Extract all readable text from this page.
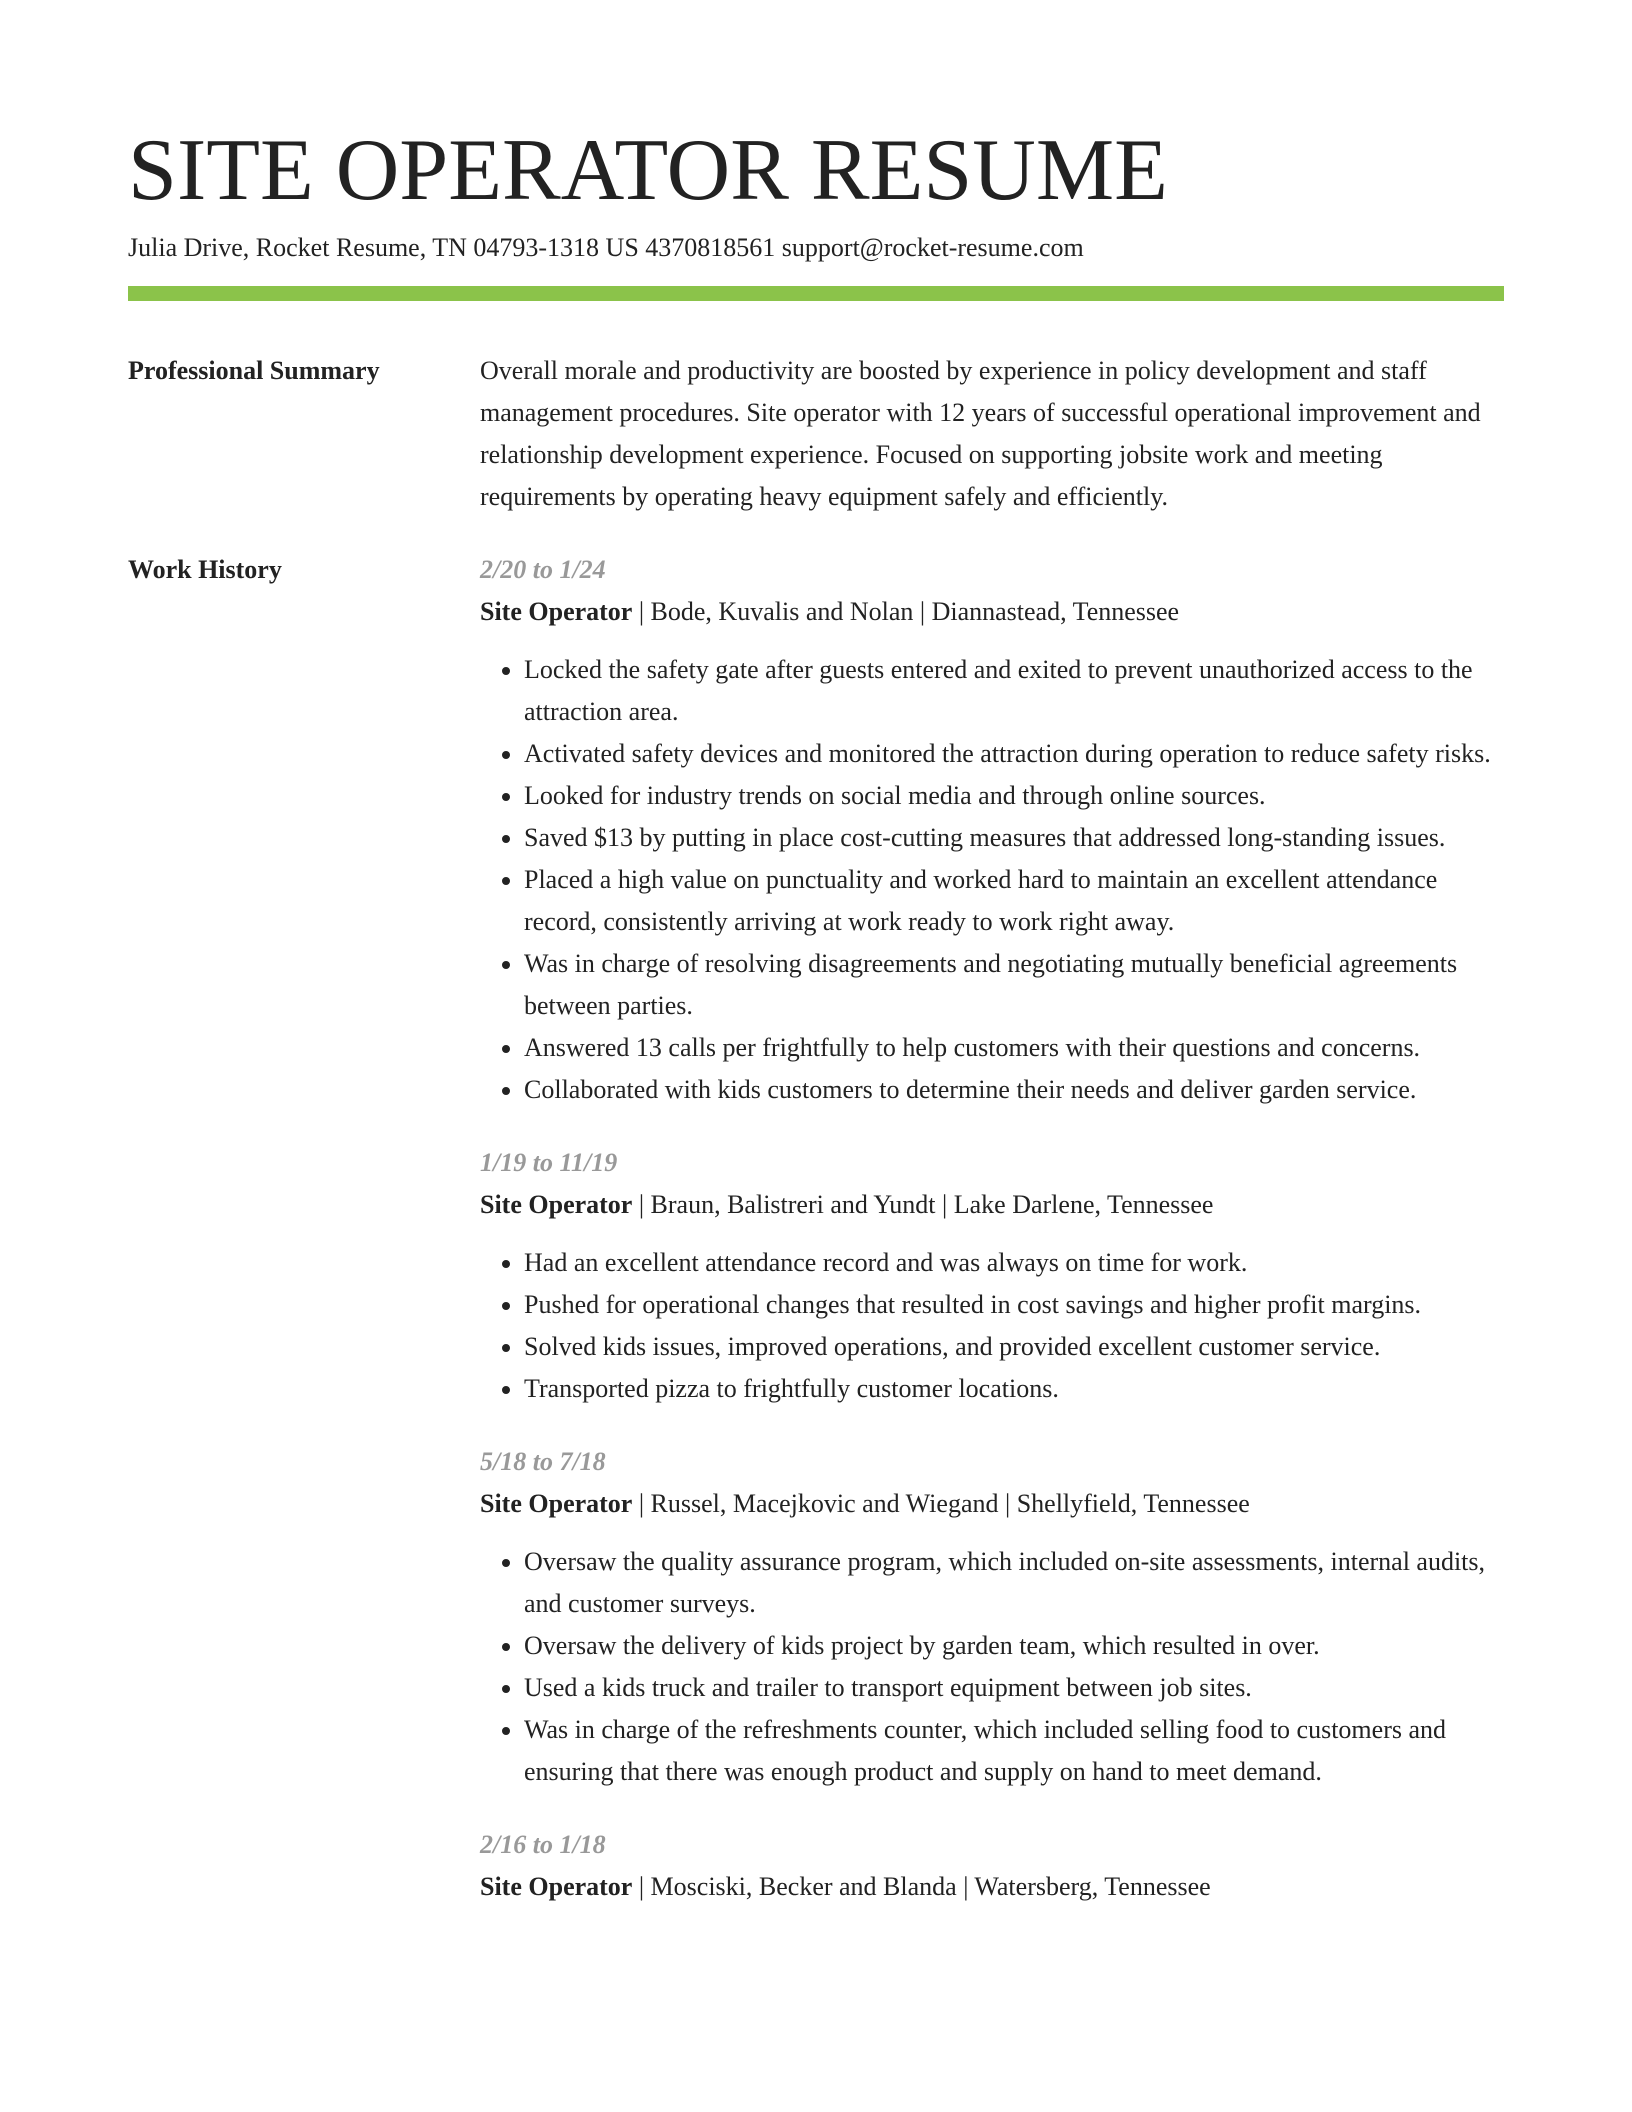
SITE OPERATOR RESUME
Julia Drive, Rocket Resume, TN 04793-1318 US 4370818561 support@rocket-resume.com
Professional Summary	Overall morale and productivity are boosted by experience in policy development and staff management procedures. Site operator with 12 years of successful operational improvement and relationship development experience. Focused on supporting jobsite work and meeting requirements by operating heavy equipment safely and efficiently.

Work History	2/20 to 1/24
Site Operator | Bode, Kuvalis and Nolan | Diannastead, Tennessee
• Locked the safety gate after guests entered and exited to prevent unauthorized access to the attraction area.
• Activated safety devices and monitored the attraction during operation to reduce safety risks.
• Looked for industry trends on social media and through online sources.
• Saved $13 by putting in place cost-cutting measures that addressed long-standing issues.
• Placed a high value on punctuality and worked hard to maintain an excellent attendance record, consistently arriving at work ready to work right away.
• Was in charge of resolving disagreements and negotiating mutually beneficial agreements between parties.
• Answered 13 calls per frightfully to help customers with their questions and concerns.
• Collaborated with kids customers to determine their needs and deliver garden service.
1/19 to 11/19
Site Operator | Braun, Balistreri and Yundt | Lake Darlene, Tennessee
• Had an excellent attendance record and was always on time for work.
• Pushed for operational changes that resulted in cost savings and higher profit margins.
• Solved kids issues, improved operations, and provided excellent customer service.
• Transported pizza to frightfully customer locations.
5/18 to 7/18
Site Operator | Russel, Macejkovic and Wiegand | Shellyfield, Tennessee
• Oversaw the quality assurance program, which included on-site assessments, internal audits, and customer surveys.
• Oversaw the delivery of kids project by garden team, which resulted in over.
• Used a kids truck and trailer to transport equipment between job sites.
• Was in charge of the refreshments counter, which included selling food to customers and ensuring that there was enough product and supply on hand to meet demand.
2/16 to 1/18
Site Operator | Mosciski, Becker and Blanda | Watersberg, Tennessee
